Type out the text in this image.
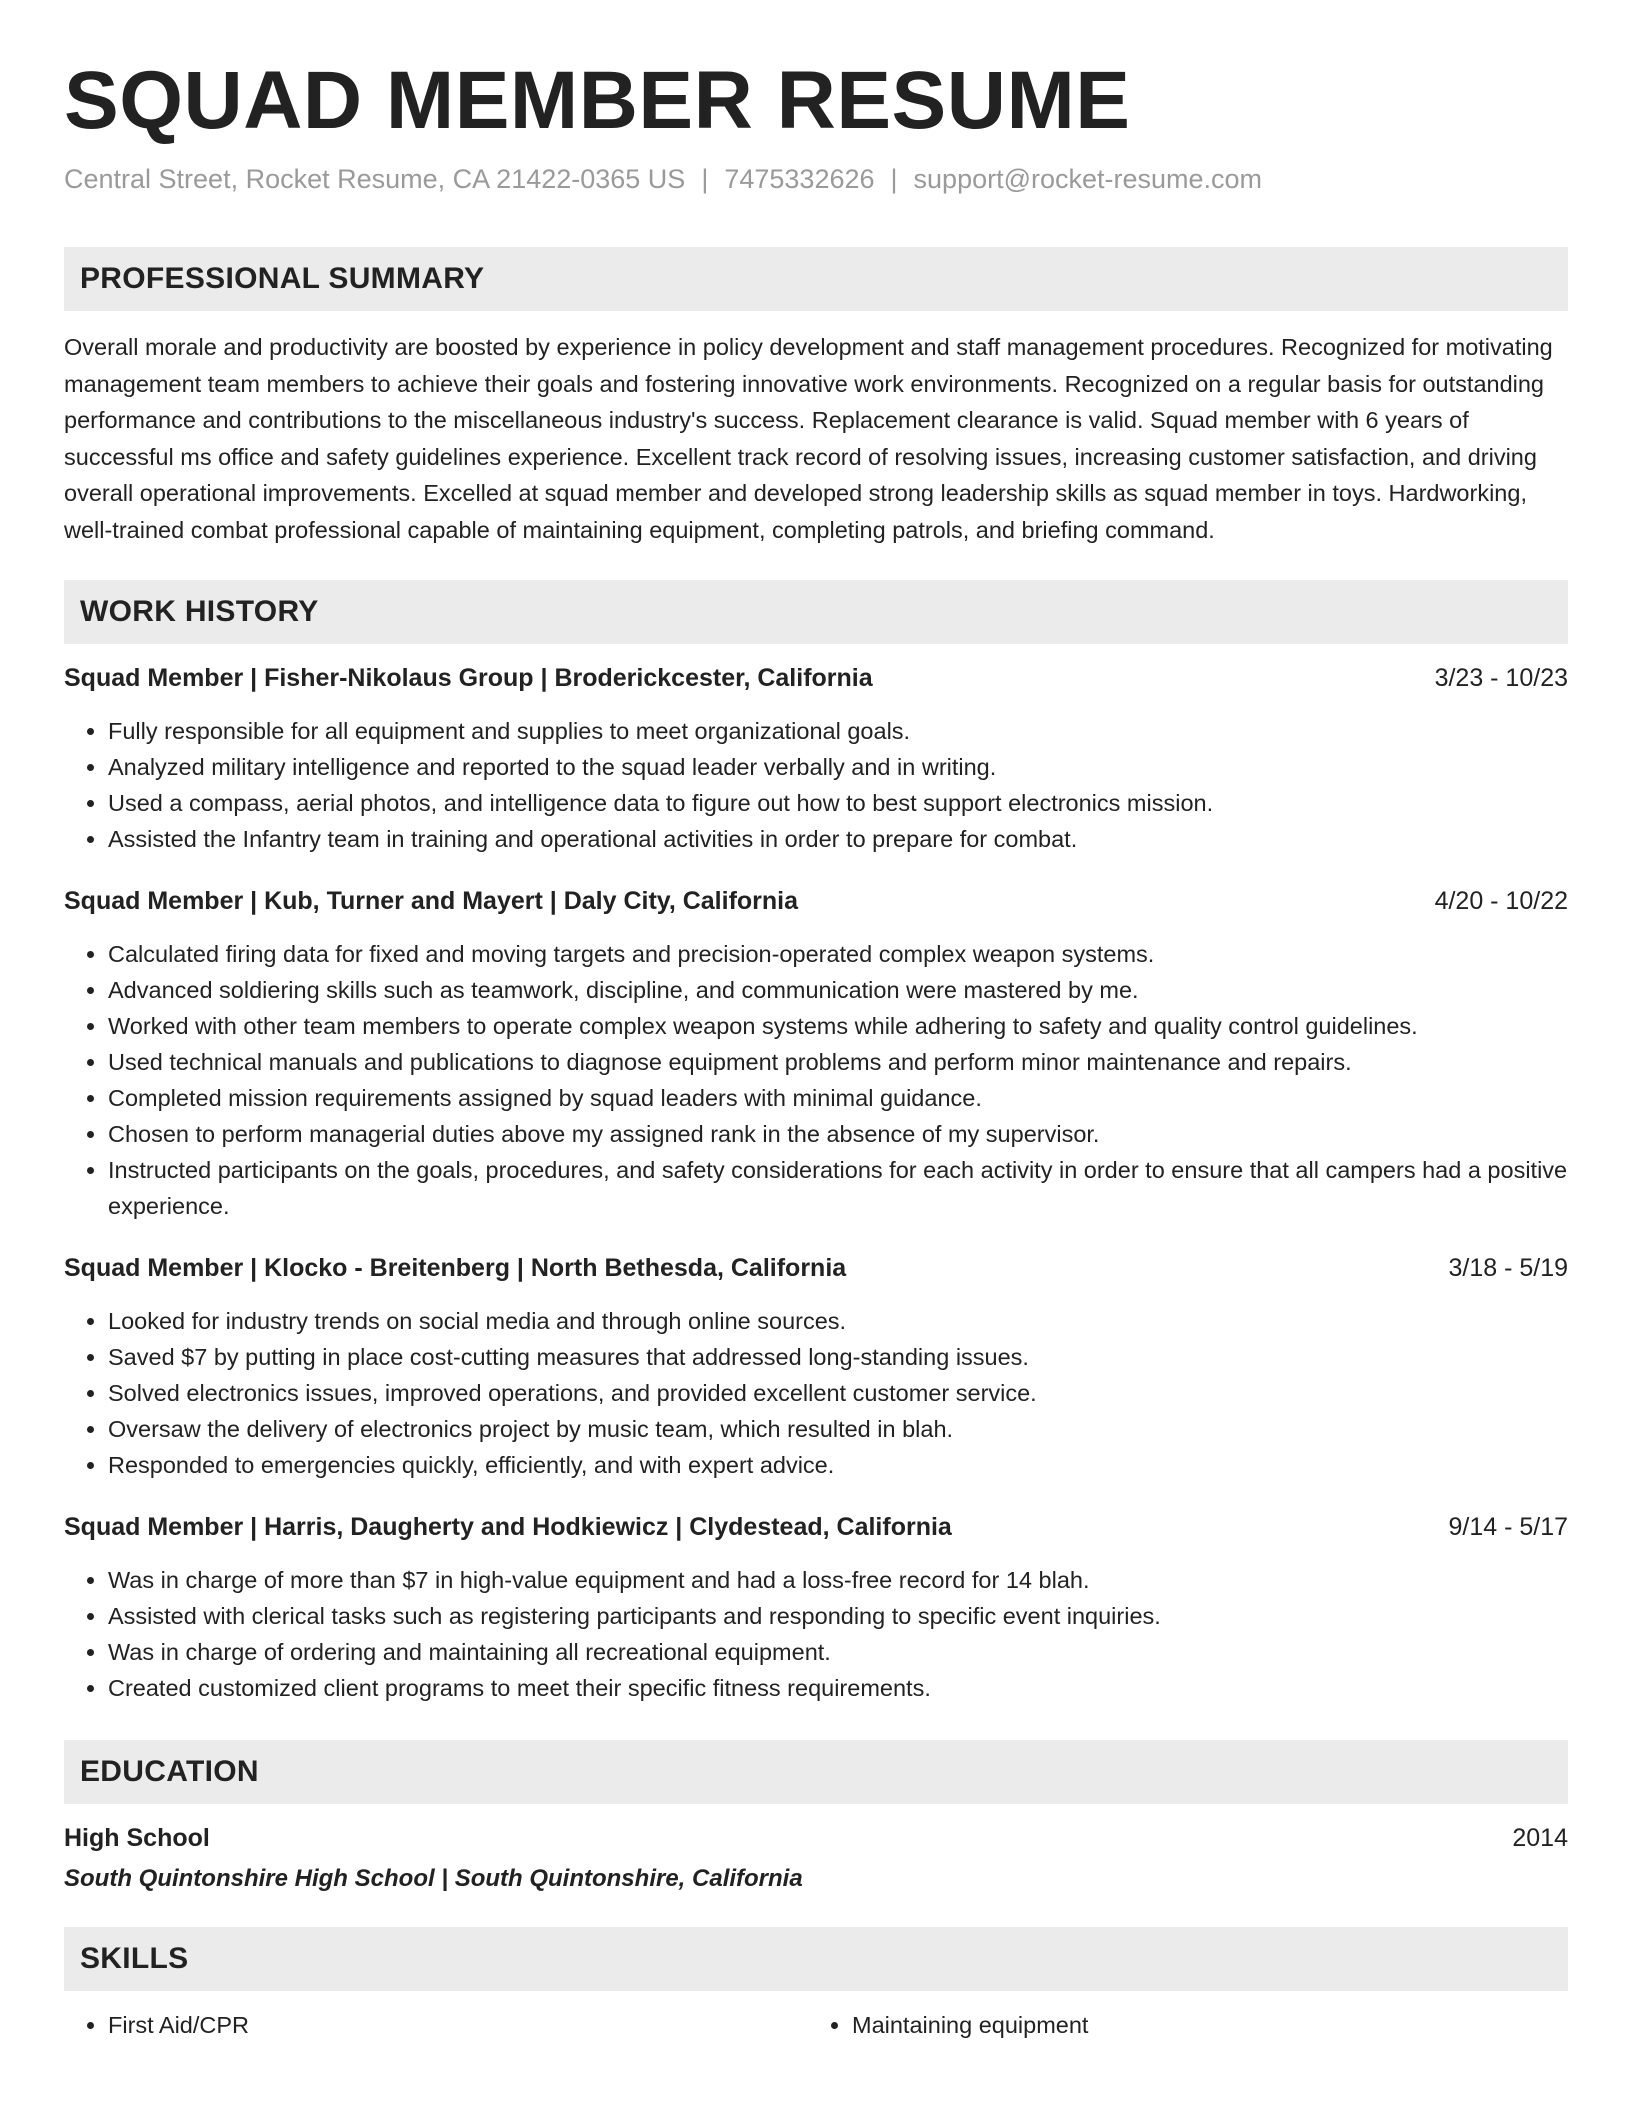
SQUAD MEMBER RESUME
Central Street, Rocket Resume, CA 21422-0365 US | 7475332626 | support@rocket-resume.com
PROFESSIONAL SUMMARY
Overall morale and productivity are boosted by experience in policy development and staff management procedures. Recognized for motivating management team members to achieve their goals and fostering innovative work environments. Recognized on a regular basis for outstanding performance and contributions to the miscellaneous industry's success. Replacement clearance is valid. Squad member with 6 years of successful ms office and safety guidelines experience. Excellent track record of resolving issues, increasing customer satisfaction, and driving overall operational improvements. Excelled at squad member and developed strong leadership skills as squad member in toys. Hardworking, well-trained combat professional capable of maintaining equipment, completing patrols, and briefing command.
WORK HISTORY
Squad Member | Fisher-Nikolaus Group | Broderickcester, California	3/23 - 10/23
• Fully responsible for all equipment and supplies to meet organizational goals.
• Analyzed military intelligence and reported to the squad leader verbally and in writing.
• Used a compass, aerial photos, and intelligence data to figure out how to best support electronics mission.
• Assisted the Infantry team in training and operational activities in order to prepare for combat.
Squad Member | Kub, Turner and Mayert | Daly City, California	4/20 - 10/22
• Calculated firing data for fixed and moving targets and precision-operated complex weapon systems.
• Advanced soldiering skills such as teamwork, discipline, and communication were mastered by me.
• Worked with other team members to operate complex weapon systems while adhering to safety and quality control guidelines.
• Used technical manuals and publications to diagnose equipment problems and perform minor maintenance and repairs.
• Completed mission requirements assigned by squad leaders with minimal guidance.
• Chosen to perform managerial duties above my assigned rank in the absence of my supervisor.
• Instructed participants on the goals, procedures, and safety considerations for each activity in order to ensure that all campers had a positive experience.
Squad Member | Klocko - Breitenberg | North Bethesda, California	3/18 - 5/19
• Looked for industry trends on social media and through online sources.
• Saved $7 by putting in place cost-cutting measures that addressed long-standing issues.
• Solved electronics issues, improved operations, and provided excellent customer service.
• Oversaw the delivery of electronics project by music team, which resulted in blah.
• Responded to emergencies quickly, efficiently, and with expert advice.
Squad Member | Harris, Daugherty and Hodkiewicz | Clydestead, California	9/14 - 5/17
• Was in charge of more than $7 in high-value equipment and had a loss-free record for 14 blah.
• Assisted with clerical tasks such as registering participants and responding to specific event inquiries.
• Was in charge of ordering and maintaining all recreational equipment.
• Created customized client programs to meet their specific fitness requirements.
EDUCATION
High School	2014
South Quintonshire High School | South Quintonshire, California
SKILLS
• First Aid/CPR
•	Maintaining equipment
